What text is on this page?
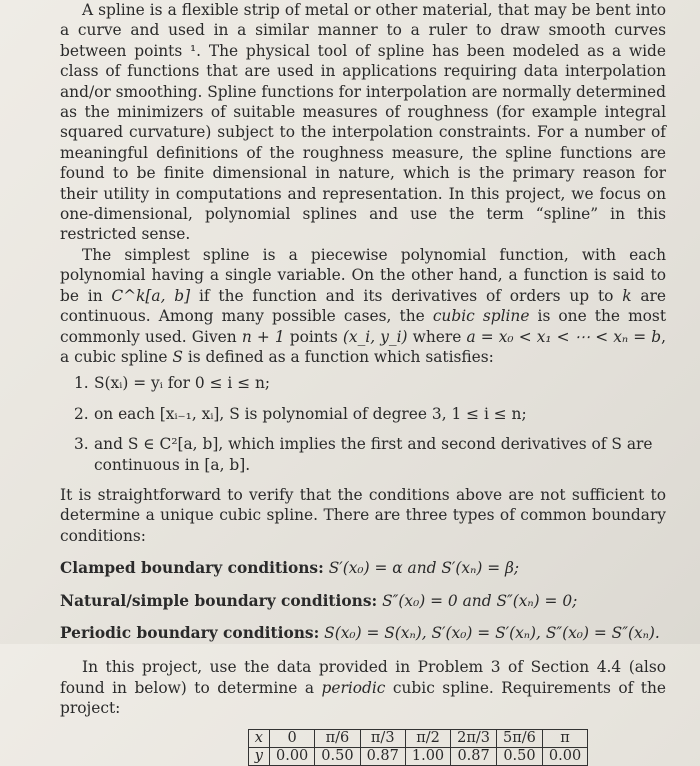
A spline is a flexible strip of metal or other material, that may be bent into a curve and used in a similar manner to a ruler to draw smooth curves between points ¹. The physical tool of spline has been modeled as a wide class of functions that are used in applications requiring data interpolation and/or smoothing. Spline functions for interpolation are normally determined as the minimizers of suitable measures of roughness (for example integral squared curvature) subject to the interpolation constraints. For a number of meaningful definitions of the roughness measure, the spline functions are found to be finite dimensional in nature, which is the primary reason for their utility in computations and representation. In this project, we focus on one-dimensional, polynomial splines and use the term “spline” in this restricted sense.

The simplest spline is a piecewise polynomial function, with each polynomial having a single variable. On the other hand, a function is said to be in C^k[a, b] if the function and its derivatives of orders up to k are continuous. Among many possible cases, the cubic spline is one the most commonly used. Given n + 1 points (x_i, y_i) where a = x₀ < x₁ < ⋯ < xₙ = b, a cubic spline S is defined as a function which satisfies:

1. S(xᵢ) = yᵢ for 0 ≤ i ≤ n;
2. on each [xᵢ₋₁, xᵢ], S is polynomial of degree 3, 1 ≤ i ≤ n;
3. and S ∈ C²[a, b], which implies the first and second derivatives of S are continuous in [a, b].

It is straightforward to verify that the conditions above are not sufficient to determine a unique cubic spline. There are three types of common boundary conditions:

Clamped boundary conditions: S′(x₀) = α and S′(xₙ) = β;

Natural/simple boundary conditions: S″(x₀) = 0 and S″(xₙ) = 0;

Periodic boundary conditions: S(x₀) = S(xₙ), S′(x₀) = S′(xₙ), S″(x₀) = S″(xₙ).

In this project, use the data provided in Problem 3 of Section 4.4 (also found in below) to determine a periodic cubic spline. Requirements of the project:

x	0	π/6	π/3	π/2	2π/3	5π/6	π
y	0.00	0.50	0.87	1.00	0.87	0.50	0.00
